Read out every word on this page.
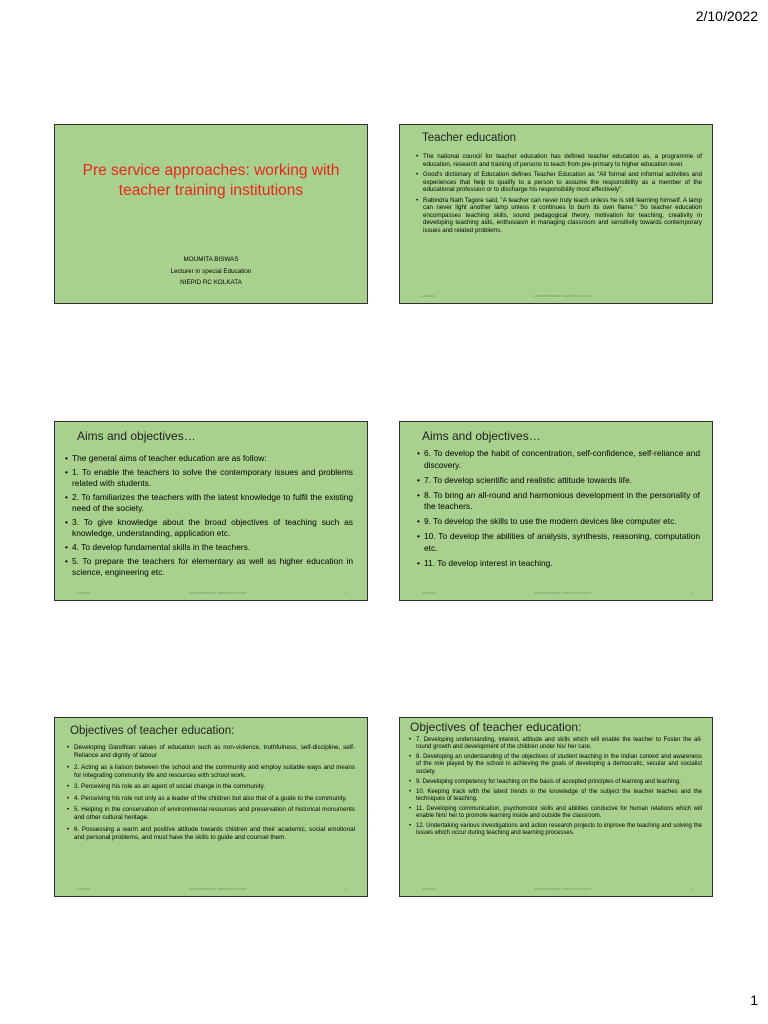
2/10/2022
Pre service approaches: working with teacher training institutions
MOUMITA BISWAS
Lecturer in special Education
NIEPID RC KOLKATA
Teacher education
• The national council for teacher education has defined teacher education as, a programme of education, research and training of persons to teach from pre-primary to higher education level.
• Good's dictionary of Education defines Teacher Education as "All formal and informal activities and experiences that help to qualify to a person to assume the responsibility as a member of the educational profession or to discharge his responsibility most effectively".
• Rabindra Nath Tagore said, "A teacher can never truly teach unless he is still learning himself. A lamp can never light another lamp unless it continues to burn its own flame." So teacher education encompasses teaching skills, sound pedagogical theory, motivation for teaching, creativity in developing teaching aids, enthusiasm in managing classroom and sensitivity towards contemporary issues and related problems.
2/10/2022	MOUMITA BISWAS, NIEPID RC KOLKATA	2
Aims and objectives…
• The general aims of teacher education are as follow:
• 1. To enable the teachers to solve the contemporary issues and problems related with students.
• 2. To familiarizes the teachers with the latest knowledge to fulfil the existing need of the society.
• 3. To give knowledge about the broad objectives of teaching such as knowledge, understanding, application etc.
• 4. To develop fundamental skills in the teachers.
• 5. To prepare the teachers for elementary as well as higher education in science, engineering etc.
2/10/2022	MOUMITA BISWAS, NIEPID RC KOLKATA	3
Aims and objectives…
• 6. To develop the habit of concentration, self-confidence, self-reliance and discovery.
• 7. To develop scientific and realistic attitude towards life.
• 8. To bring an all-round and harmonious development in the personality of the teachers.
• 9. To develop the skills to use the modern devices like computer etc.
• 10. To develop the abilities of analysis, synthesis, reasoning, computation etc.
• 11. To develop interest in teaching.
2/10/2022	MOUMITA BISWAS, NIEPID RC KOLKATA	4
Objectives of teacher education:
• Developing Gandhian values of education such as non-violence, truthfulness, self-discipline, self-Reliance and dignity of labour
• 2. Acting as a liaison between the school and the community and employ suitable ways and means for integrating community life and resources with school work.
• 3. Perceiving his role as an agent of social change in the community.
• 4. Perceiving his role not only as a leader of the children but also that of a guide to the community.
• 5. Helping in the conservation of environmental resources and preservation of historical monuments and other cultural heritage.
• 6. Possessing a warm and positive attitude towards children and their academic, social emotional and personal problems, and must have the skills to guide and counsel them.
2/10/2022	MOUMITA BISWAS, NIEPID RC KOLKATA	5
Objectives of teacher education:
• 7. Developing understanding, interest, attitude and skills which will enable the teacher to Foster the all-round growth and development of the children under his/ her care.
• 8. Developing an understanding of the objectives of student teaching in the Indian context and awareness of the role played by the school in achieving the goals of developing a democratic, secular and socialist society.
• 9. Developing competency for teaching on the basis of accepted principles of learning and teaching.
• 10. Keeping track with the latest trends in the knowledge of the subject the teacher teaches and the techniques of teaching.
• 11. Developing communication, psychomotor skills and abilities conducive for human relations which will enable him/ her to promote learning inside and outside the classroom.
• 12. Undertaking various investigations and action research projects to improve the teaching and solving the issues which occur during teaching and learning processes.
2/10/2022	MOUMITA BISWAS, NIEPID RC KOLKATA	6
1
